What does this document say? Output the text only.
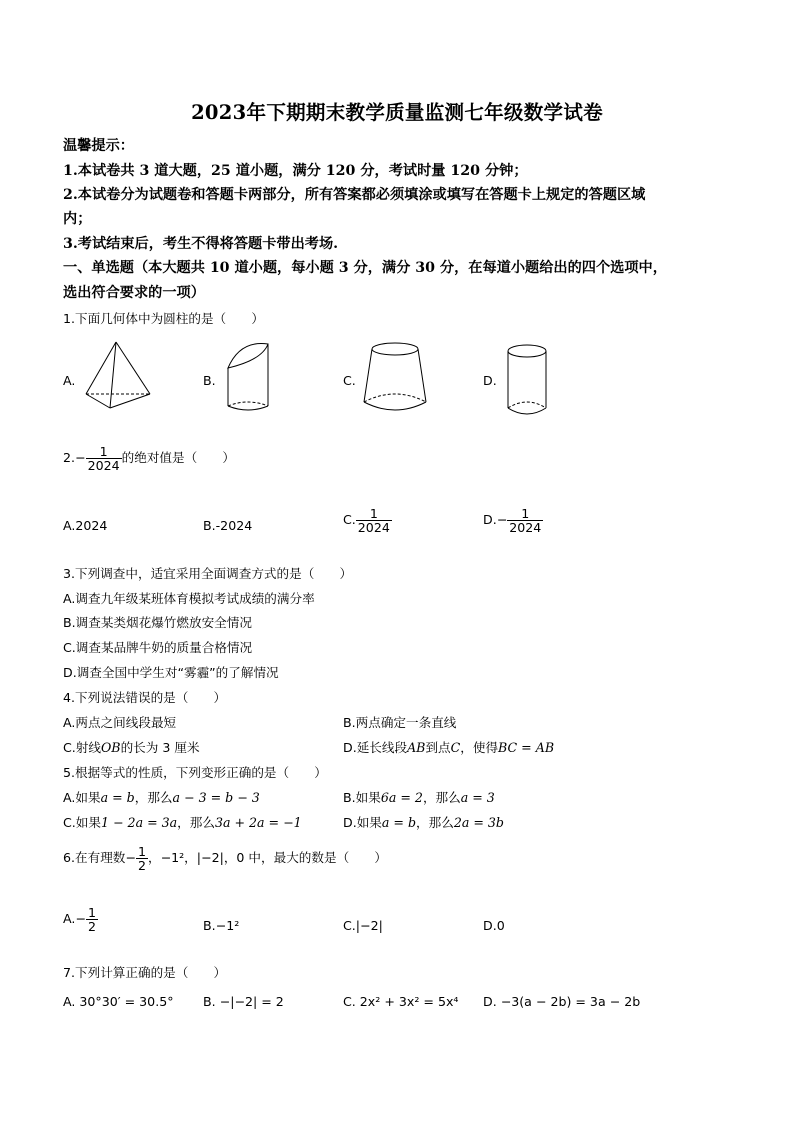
2023年下期期末教学质量监测七年级数学试卷
温馨提示：
1.本试卷共 3 道大题，25 道小题，满分 120 分，考试时量 120 分钟；
2.本试卷分为试题卷和答题卡两部分，所有答案都必须填涂或填写在答题卡上规定的答题区域
内；
3.考试结束后，考生不得将答题卡带出考场.
一、单选题（本大题共 10 道小题，每小题 3 分，满分 30 分，在每道小题给出的四个选项中，
选出符合要求的一项）
1.下面几何体中为圆柱的是（　　）
A.	B.	C.	D.
$2.- \frac{1}{2024}$ 的绝对值是（　　）
A.2024	B.-2024	C. $\frac{1}{2024}$	$D.- \frac{1}{2024}$
3.下列调查中，适宜采用全面调查方式的是（　　）
A.调查九年级某班体育模拟考试成绩的满分率
B.调查某类烟花爆竹燃放安全情况
C.调查某品牌牛奶的质量合格情况
D.调查全国中学生对“雾霾”的了解情况
4.下列说法错误的是（　　）
A.两点之间线段最短	B.两点确定一条直线
C.射线OB的长为 3 厘米	D.延长线段AB到点C，使得BC = AB
5.根据等式的性质，下列变形正确的是（　　）
A.如果a = b，那么a − 3 = b − 3	B.如果6a = 2，那么a = 3
C.如果1 − 2a = 3a，那么3a + 2a = −1	D.如果a = b，那么2a = 3b
6.在有理数− $\frac{1}{2}$ ，−1²，|−2|，0 中，最大的数是（　　）
$A.- \frac{1}{2}$	B.−1²	C.|−2|	D.0
7.下列计算正确的是（　　）
A. 30°30′ = 30.5° B. −|−2| = 2	C. 2x² + 3x² = 5x⁴ D. −3(a − 2b) = 3a − 2b
